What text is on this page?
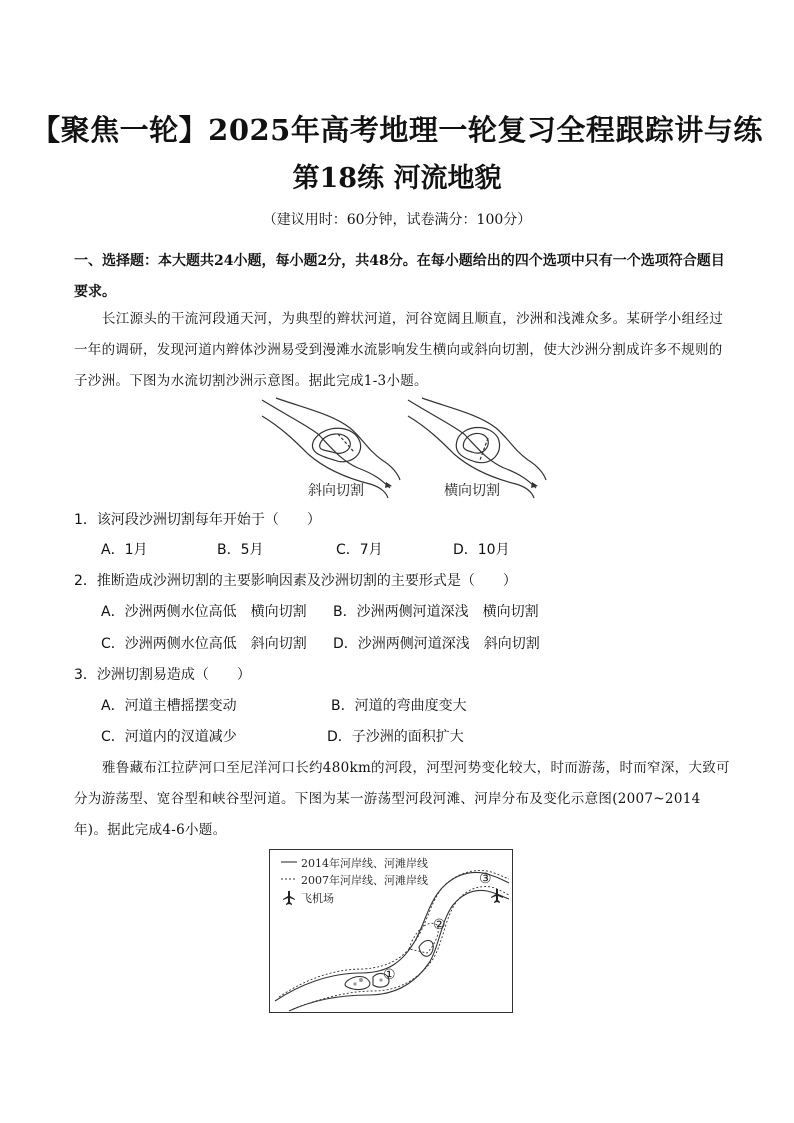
【聚焦一轮】2025年高考地理一轮复习全程跟踪讲与练
第18练 河流地貌
（建议用时：60分钟，试卷满分：100分）
一、选择题：本大题共24小题，每小题2分，共48分。在每小题给出的四个选项中只有一个选项符合题目要求。
长江源头的干流河段通天河，为典型的辫状河道，河谷宽阔且顺直，沙洲和浅滩众多。某研学小组经过一年的调研，发现河道内辫体沙洲易受到漫滩水流影响发生横向或斜向切割，使大沙洲分割成许多不规则的子沙洲。下图为水流切割沙洲示意图。据此完成1-3小题。
斜向切割	横向切割
1．该河段沙洲切割每年开始于（　　）
A．1月	B．5月	C．7月	D．10月
2．推断造成沙洲切割的主要影响因素及沙洲切割的主要形式是（　　）
A．沙洲两侧水位高低　横向切割 B．沙洲两侧河道深浅　横向切割
C．沙洲两侧水位高低　斜向切割 D．沙洲两侧河道深浅　斜向切割
3．沙洲切割易造成（　　）
A．河道主槽摇摆变动	B．河道的弯曲度变大
C．河道内的汊道减少	D．子沙洲的面积扩大
雅鲁藏布江拉萨河口至尼洋河口长约480km的河段，河型河势变化较大，时而游荡，时而窄深，大致可分为游荡型、宽谷型和峡谷型河道。下图为某一游荡型河段河滩、河岸分布及变化示意图(2007~2014年)。据此完成4-6小题。
2014年河岸线、河滩岸线
2007年河岸线、河滩岸线
飞机场
③
②
①
